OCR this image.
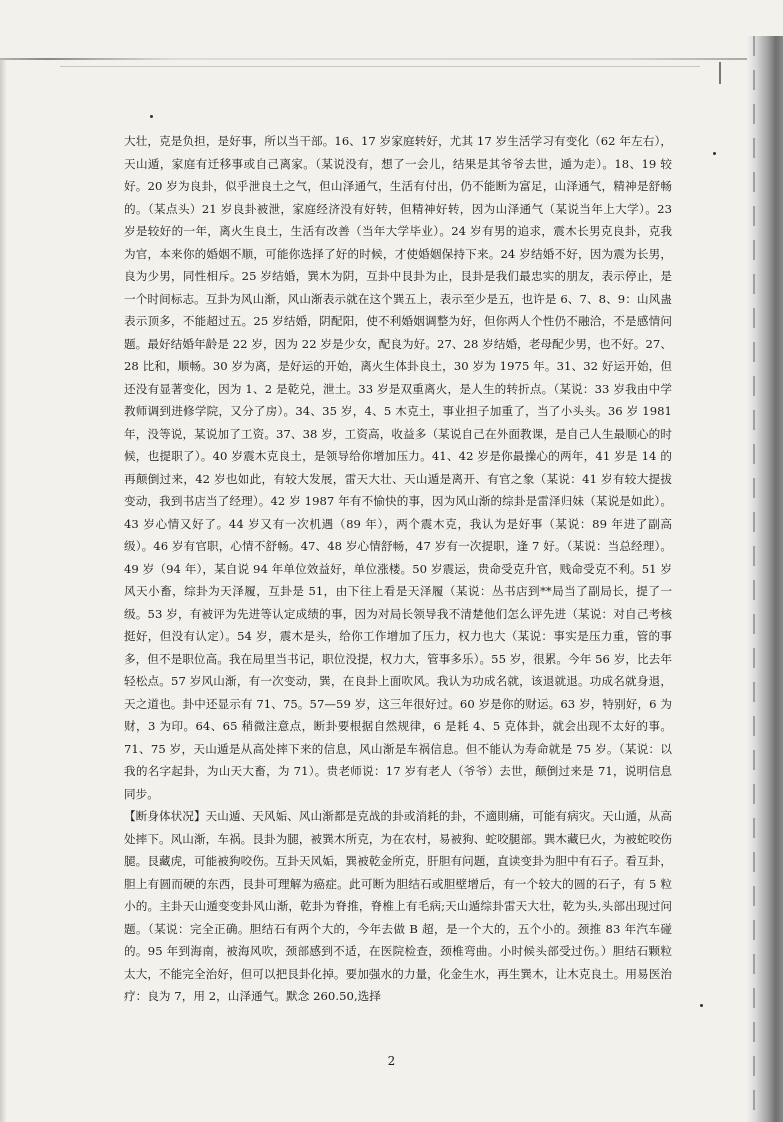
大壮，克是负担，是好事，所以当干部。16、17 岁家庭转好，尤其 17 岁生活学习有变化（62 年左右），天山遁，家庭有迁移事或自己离家。（某说没有，想了一会儿，结果是其爷爷去世，遁为走）。18、19 较好。20 岁为良卦，似乎泄良土之气，但山泽通气，生活有付出，仍不能断为富足，山泽通气，精神是舒畅的。（某点头）21 岁良卦被泄，家庭经济没有好转，但精神好转，因为山泽通气（某说当年上大学）。23 岁是较好的一年，离火生良土，生活有改善（当年大学毕业）。24 岁有男的追求，震木长男克良卦，克我为官，本来你的婚姻不顺，可能你选择了好的时候，才使婚姻保持下来。24 岁结婚不好，因为震为长男，良为少男，同性相斥。25 岁结婚，巽木为阴，互卦中艮卦为止，艮卦是我们最忠实的朋友，表示停止，是一个时间标志。互卦为风山渐，风山渐表示就在这个巽五上，表示至少是五，也许是 6、7、8、9：山风蛊表示顶多，不能超过五。25 岁结婚，阴配阳，使不利婚姻调整为好，但你两人个性仍不融洽，不是感情问题。最好结婚年龄是 22 岁，因为 22 岁是少女，配良为好。27、28 岁结婚，老母配少男，也不好。27、28 比和，顺畅。30 岁为离，是好运的开始，离火生体卦良土，30 岁为 1975 年。31、32 好运开始，但还没有显著变化，因为 1、2 是乾兑，泄土。33 岁是双重离火，是人生的转折点。（某说：33 岁我由中学教师调到进修学院，又分了房）。34、35 岁，4、5 木克土，事业担子加重了，当了小头头。36 岁 1981 年，没等说，某说加了工资。37、38 岁，工资高，收益多（某说自己在外面教课，是自己人生最顺心的时候，也提职了）。40 岁震木克良土，是领导给你增加压力。41、42 岁是你最操心的两年，41 岁是 14 的再颠倒过来，42 岁也如此，有较大发展，雷天大壮、天山遁是离开、有官之象（某说：41 岁有较大提拔变动，我到书店当了经理）。42 岁 1987 年有不愉快的事，因为风山渐的综卦是雷泽归妹（某说是如此）。43 岁心情又好了。44 岁又有一次机遇（89 年），两个震木克，我认为是好事（某说：89 年进了副高级）。46 岁有官职，心情不舒畅。47、48 岁心情舒畅，47 岁有一次提职，逢 7 好。（某说：当总经理）。49 岁（94 年），某自说 94 年单位效益好，单位涨楼。50 岁震运，贵命受克升官，贱命受克不利。51 岁风天小畜，综卦为天泽履，互卦是 51，由下往上看是天泽履（某说：丛书店到**局当了副局长，提了一级。53 岁，有被评为先进等认定成绩的事，因为对局长领导我不清楚他们怎么评先进（某说：对自己考核挺好，但没有认定）。54 岁，震木是头，给你工作增加了压力，权力也大（某说：事实是压力重，管的事多，但不是职位高。我在局里当书记，职位没提，权力大，管事多乐）。55 岁，很累。今年 56 岁，比去年轻松点。57 岁风山渐，有一次变动，巽，在良卦上面吹风。我认为功成名就，该退就退。功成名就身退，天之道也。卦中还显示有 71、75。57—59 岁，这三年很好过。60 岁是你的财运。63 岁，特别好，6 为财，3 为印。64、65 稍微注意点，断卦要根据自然规律，6 是耗 4、5 克体卦，就会出现不太好的事。71、75 岁，天山遁是从高处摔下来的信息，风山渐是车祸信息。但不能认为寿命就是 75 岁。（某说：以我的名字起卦，为山天大畜，为 71）。贵老师说：17 岁有老人（爷爷）去世，颠倒过来是 71，说明信息同步。

【断身体状况】天山遁、天风姤、风山渐都是克战的卦或消耗的卦，不適則痛，可能有病灾。天山遁，从高处摔下。风山渐，车祸。艮卦为腿，被巽木所克，为在农村，易被狗、蛇咬腿部。巽木藏巳火，为被蛇咬伤腿。艮藏虎，可能被狗咬伤。互卦天风姤，巽被乾金所克，肝胆有问题，直读变卦为胆中有石子。看互卦，胆上有圆而硬的东西，艮卦可理解为癌症。此可断为胆结石或胆壁增后，有一个较大的圆的石子，有 5 粒小的。主卦天山遁变变卦风山渐，乾卦为脊推，脊椎上有毛病;天山遁综卦雷天大壮，乾为头,头部出现过问题。（某说：完全正确。胆结石有两个大的，今年去做 B 超，是一个大的，五个小的。颈推 83 年汽车碰的。95 年到海南，被海风吹，颈部感到不适，在医院检查，颈椎弯曲。小时候头部受过伤。）胆结石颗粒太大，不能完全治好，但可以把艮卦化掉。要加强水的力量，化金生水，再生巽木，让木克良土。用易医治疗：良为 7，用 2，山泽通气。默念 260.50,选择

2
